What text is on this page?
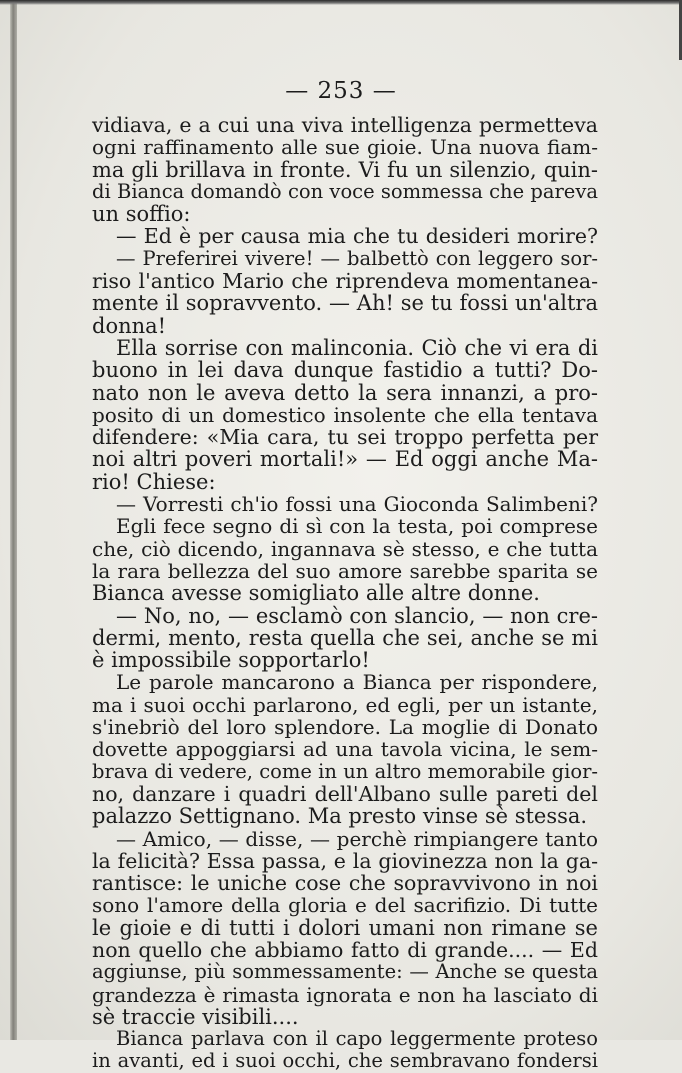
— 253 —
vidiava, e a cui una viva intelligenza permetteva
ogni raffinamento alle sue gioie. Una nuova fiam-
ma gli brillava in fronte. Vi fu un silenzio, quin-
di Bianca domandò con voce sommessa che pareva
un soffio:
— Ed è per causa mia che tu desideri morire?
— Preferirei vivere! — balbettò con leggero sor-
riso l'antico Mario che riprendeva momentanea-
mente il sopravvento. — Ah! se tu fossi un'altra
donna!
Ella sorrise con malinconia. Ciò che vi era di
buono in lei dava dunque fastidio a tutti? Do-
nato non le aveva detto la sera innanzi, a pro-
posito di un domestico insolente che ella tentava
difendere: «Mia cara, tu sei troppo perfetta per
noi altri poveri mortali!» — Ed oggi anche Ma-
rio! Chiese:
— Vorresti ch'io fossi una Gioconda Salimbeni?
Egli fece segno di sì con la testa, poi comprese
che, ciò dicendo, ingannava sè stesso, e che tutta
la rara bellezza del suo amore sarebbe sparita se
Bianca avesse somigliato alle altre donne.
— No, no, — esclamò con slancio, — non cre-
dermi, mento, resta quella che sei, anche se mi
è impossibile sopportarlo!
Le parole mancarono a Bianca per rispondere,
ma i suoi occhi parlarono, ed egli, per un istante,
s'inebriò del loro splendore. La moglie di Donato
dovette appoggiarsi ad una tavola vicina, le sem-
brava di vedere, come in un altro memorabile gior-
no, danzare i quadri dell'Albano sulle pareti del
palazzo Settignano. Ma presto vinse sè stessa.
— Amico, — disse, — perchè rimpiangere tanto
la felicità? Essa passa, e la giovinezza non la ga-
rantisce: le uniche cose che sopravvivono in noi
sono l'amore della gloria e del sacrifizio. Di tutte
le gioie e di tutti i dolori umani non rimane se
non quello che abbiamo fatto di grande.... — Ed
aggiunse, più sommessamente: — Anche se questa
grandezza è rimasta ignorata e non ha lasciato di
sè traccie visibili....
Bianca parlava con il capo leggermente proteso
in avanti, ed i suoi occhi, che sembravano fondersi
